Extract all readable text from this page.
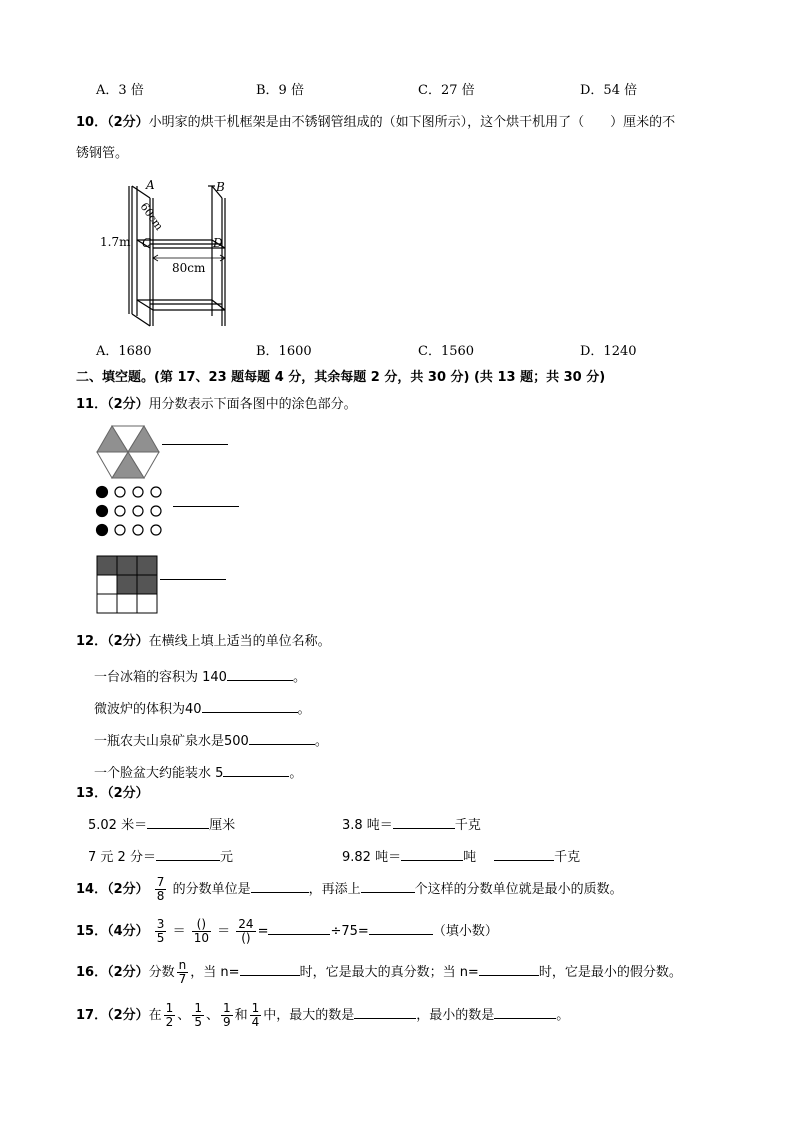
A．3 倍	B．9 倍	C．27 倍	D．54 倍
10．（2分）小明家的烘干机框架是由不锈钢管组成的（如下图所示），这个烘干机用了（　　）厘米的不
锈钢管。
A	B
C	D
1.7m
60cm
80cm
A．1680	B．1600	C．1560	D．1240
二、填空题。(第 17、23 题每题 4 分，其余每题 2 分，共 30 分) (共 13 题；共 30 分)
11．（2分）用分数表示下面各图中的涂色部分。
12．（2分）在横线上填上适当的单位名称。
一台冰箱的容积为 140	。
微波炉的体积为40	。
一瓶农夫山泉矿泉水是500	。
一个脸盆大约能装水 5	。
13．（2分）
5.02 米＝	厘米	3.8 吨＝	千克
7 元 2 分＝	元	9.82 吨＝	吨	千克
14．（2分） $\frac{7}{8}$ 的分数单位是	，再添上	个这样的分数单位就是最小的质数。
15．（4分） $\frac{3}{5} = \frac{()}{10} = \frac{24}{()}$ =	÷75=	（填小数）
16．（2分）分数 $\frac{n}{7}$ ，当 n=	时，它是最大的真分数；当 n=	时，它是最小的假分数。
17．（2分）在 $\frac{1}{2}$ 、 $\frac{1}{5}$ 、 $\frac{1}{9}$ 和 $\frac{1}{4}$ 中，最大的数是	，最小的数是	。
